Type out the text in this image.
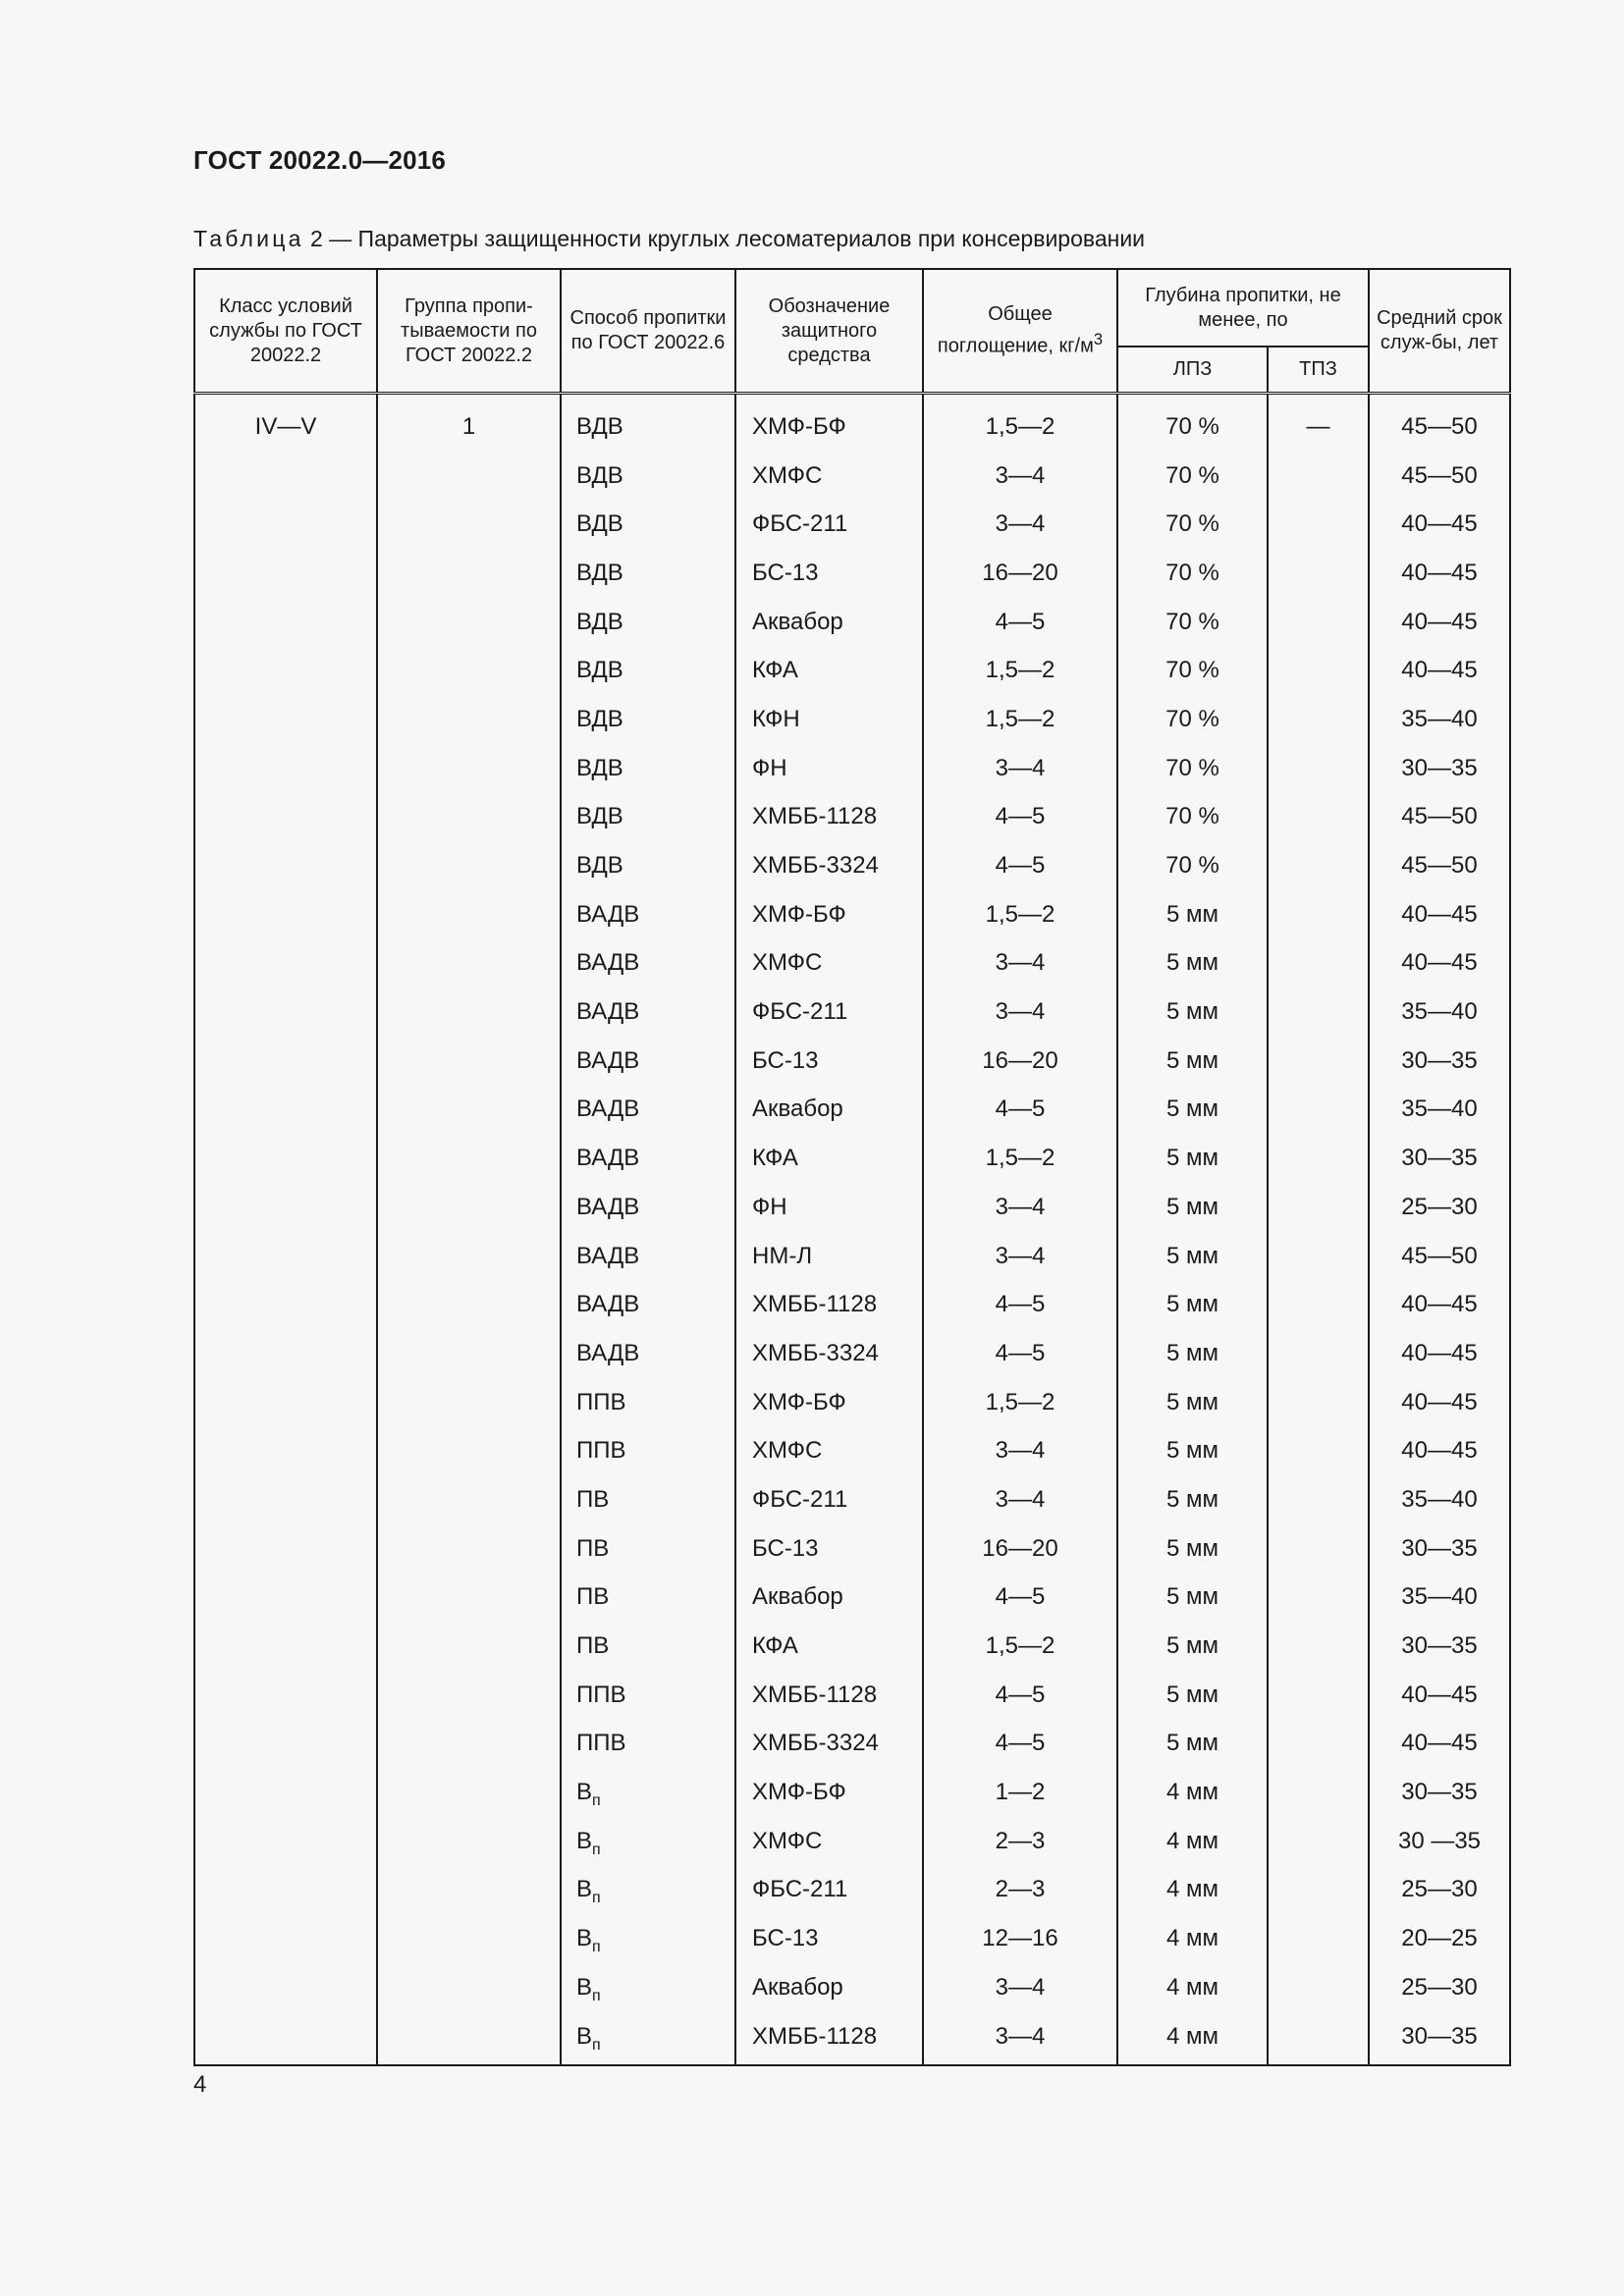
ГОСТ 20022.0—2016
Таблица 2 — Параметры защищенности круглых лесоматериалов при консервировании
Класс условий службы по ГОСТ 20022.2	Группа пропи-тываемости по ГОСТ 20022.2	Способ пропитки по ГОСТ 20022.6	Обозначение защитного средства	Общее поглощение, $кг/м^3$	Глубина пропитки, не менее, по		Средний срок служ-бы, лет
					ЛПЗ	ТПЗ	
IV—V	1	ВДВ	ХМФ-БФ	1,5—2	70 %	—	45—50
		ВДВ	ХМФС	3—4	70 %		45—50
		ВДВ	ФБС-211	3—4	70 %		40—45
		ВДВ	БС-13	16—20	70 %		40—45
		ВДВ	Аквабор	4—5	70 %		40—45
		ВДВ	КФА	1,5—2	70 %		40—45
		ВДВ	КФН	1,5—2	70 %		35—40
		ВДВ	ФН	3—4	70 %		30—35
		ВДВ	ХМББ-1128	4—5	70 %		45—50
		ВДВ	ХМББ-3324	4—5	70 %		45—50
		ВАДВ	ХМФ-БФ	1,5—2	5 мм		40—45
		ВАДВ	ХМФС	3—4	5 мм		40—45
		ВАДВ	ФБС-211	3—4	5 мм		35—40
		ВАДВ	БС-13	16—20	5 мм		30—35
		ВАДВ	Аквабор	4—5	5 мм		35—40
		ВАДВ	КФА	1,5—2	5 мм		30—35
		ВАДВ	ФН	3—4	5 мм		25—30
		ВАДВ	НМ-Л	3—4	5 мм		45—50
		ВАДВ	ХМББ-1128	4—5	5 мм		40—45
		ВАДВ	ХМББ-3324	4—5	5 мм		40—45
		ППВ	ХМФ-БФ	1,5—2	5 мм		40—45
		ППВ	ХМФС	3—4	5 мм		40—45
		ПВ	ФБС-211	3—4	5 мм		35—40
		ПВ	БС-13	16—20	5 мм		30—35
		ПВ	Аквабор	4—5	5 мм		35—40
		ПВ	КФА	1,5—2	5 мм		30—35
		ППВ	ХМББ-1128	4—5	5 мм		40—45
		ППВ	ХМББ-3324	4—5	5 мм		40—45
		$В_п$	ХМФ-БФ	1—2	4 мм		30—35
		$В_п$	ХМФС	2—3	4 мм		30 —35
		$В_п$	ФБС-211	2—3	4 мм		25—30
		$В_п$	БС-13	12—16	4 мм		20—25
		$В_п$	Аквабор	3—4	4 мм		25—30
		$В_п$	ХМББ-1128	3—4	4 мм		30—35
4
